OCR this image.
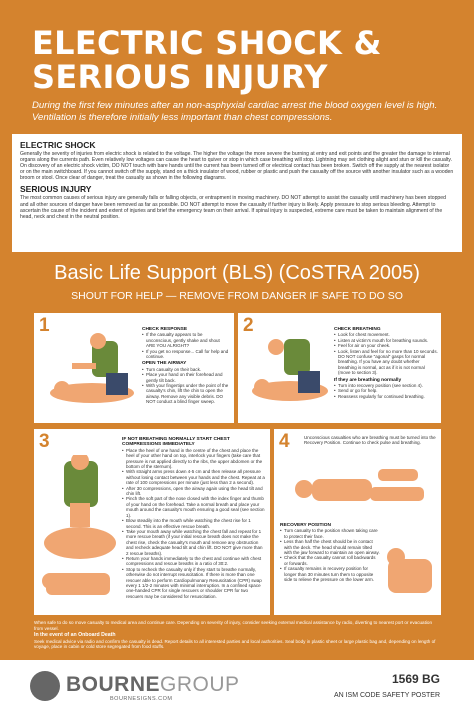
ELECTRIC SHOCK &
SERIOUS INJURY
During the first few minutes after an non-asphyxial cardiac arrest the blood oxygen level is high. Ventilation is therefore initially less important than chest compressions.
ELECTRIC SHOCK

Generally the severity of injuries from electric shock is related to the voltage. The higher the voltage the more severe the burning at entry and exit points and the greater the damage to internal organs along the currents path. Even relatively low voltages can cause the heart to quiver or stop in which case breathing will stop. Lightning may set clothing alight and stun or kill the casualty. On discovery of an electric shock victim, DO NOT touch with bare hands until the current has been turned off or electrical contact has been broken. Switch off the supply at the nearest isolator or on the main switchboard. If you cannot switch off the supply, stand on a thick insulator of wood, rubber or plastic and push the casualty off the source with another insulator such as a wooden broom or stool. Once clear of danger, treat the casualty as shown in the following diagrams.

SERIOUS INJURY

The most common causes of serious injury are generally falls or falling objects, or entrapment in moving machinery. DO NOT attempt to assist the casualty until machinery has been stopped and all other sources of danger have been removed as far as possible. DO NOT attempt to move the casualty if further injury is likely. Apply pressure to stop serious bleeding. Attempt to ascertain the cause of the incident and extent of injuries and brief the emergency team on their arrival. If spinal injury is suspected, extreme care must be taken to maintain alignment of the head, neck and chest in the neutral position.

Basic Life Support (BLS) (CoSTRA 2005)
SHOUT FOR HELP — REMOVE FROM DANGER IF SAFE TO DO SO
1	CHECK RESPONSE
• If the casualty appears to be unconscious, gently shake and shout ARE YOU ALRIGHT?
• If you get no response... Call for help and continue.
OPEN THE AIRWAY
• Turn casualty on their back.
• Place your hand on their forehead and gently tilt back.
• With your fingertips under the point of the casualty's chin, lift the chin to open the airway. Remove any visible debris. DO NOT conduct a blind finger sweep.
2	CHECK BREATHING
• Look for chest movement.
• Listen at victim's mouth for breathing sounds.
• Feel for air on your cheek.
• Look, listen and feel for no more than 10 seconds. DO NOT confuse "agonal" gasps for normal breathing. If you have any doubt whether breathing is normal, act as if it is not normal (move to section 3).
If they are breathing normally
• Turn into recovery position (see section 4).
• Send or go for help.
• Reassess regularly for continued breathing.
3	IF NOT BREATHING NORMALLY START CHEST COMPRESSIONS IMMEDIATELY
• Place the heel of one hand in the centre of the chest and place the heel of your other hand on top, interlock your fingers (take care that pressure is not applied directly to the ribs, the upper abdomen or the bottom of the sternum).
• With straight arms press down 4-5 cm and then release all pressure without losing contact between your hands and the chest. Repeat at a rate of 100 compressions per minute (just less than 2 a second).
• After 30 compressions, open the airway again using the head tilt and chin lift.
• Pinch the soft part of the nose closed with the index finger and thumb of your hand on the forehead. Take a normal breath and place your mouth around the casualty's mouth ensuring a good seal (see section 1).
• Blow steadily into the mouth while watching the chest rise for 1 second. This is an effective rescue breath.
• Take your mouth away while watching the chest fall and repeat for 1 more rescue breath (if your initial rescue breath does not make the chest rise, check the casualty's mouth and remove any obstruction and recheck adequate head tilt and chin lift. DO NOT give more than 2 rescue breaths).
• Return your hands immediately to the chest and continue with chest compressions and rescue breaths in a ratio of 30:2.
• Stop to recheck the casualty only if they start to breathe normally, otherwise do not interrupt resuscitation. If there is more than one rescuer able to perform Cardiopulmonary Resuscitation (CPR) swap every 1 1/2-2 minutes with minimal interruption. In a confined space one-handed CPR for single rescuers or shoulder CPR for two rescuers may be considered for resuscitation.
4	Unconscious casualties who are breathing must be turned into the Recovery Position. Continue to check pulse and breathing.
RECOVERY POSITION
• Turn casualty to the position shown taking care to protect their face.
• Less than half the chest should be in contact with the deck. The head should remain tilted with the jaw forward to maintain an open airway.
• Check that the casualty cannot roll backwards or forwards.
• If casualty remains in recovery position for longer than 30 minutes turn them to opposite side to relieve the pressure on the lower arm.
When safe to do so move casualty to medical area and continue care. Depending on severity of injury, consider seeking external medical assistance by radio, diverting to nearest port or evacuation from vessel.
In the event of an Onboard Death
Seek medical advice via radio and confirm the casualty is dead. Report details to all interested parties and local authorities. Seal body in plastic sheet or large plastic bag and, depending on length of voyage, place in cabin or cold store segregated from food stuffs.
BOURNEGROUP
BOURNESIGNS.COM
1569 BG
AN ISM CODE SAFETY POSTER
